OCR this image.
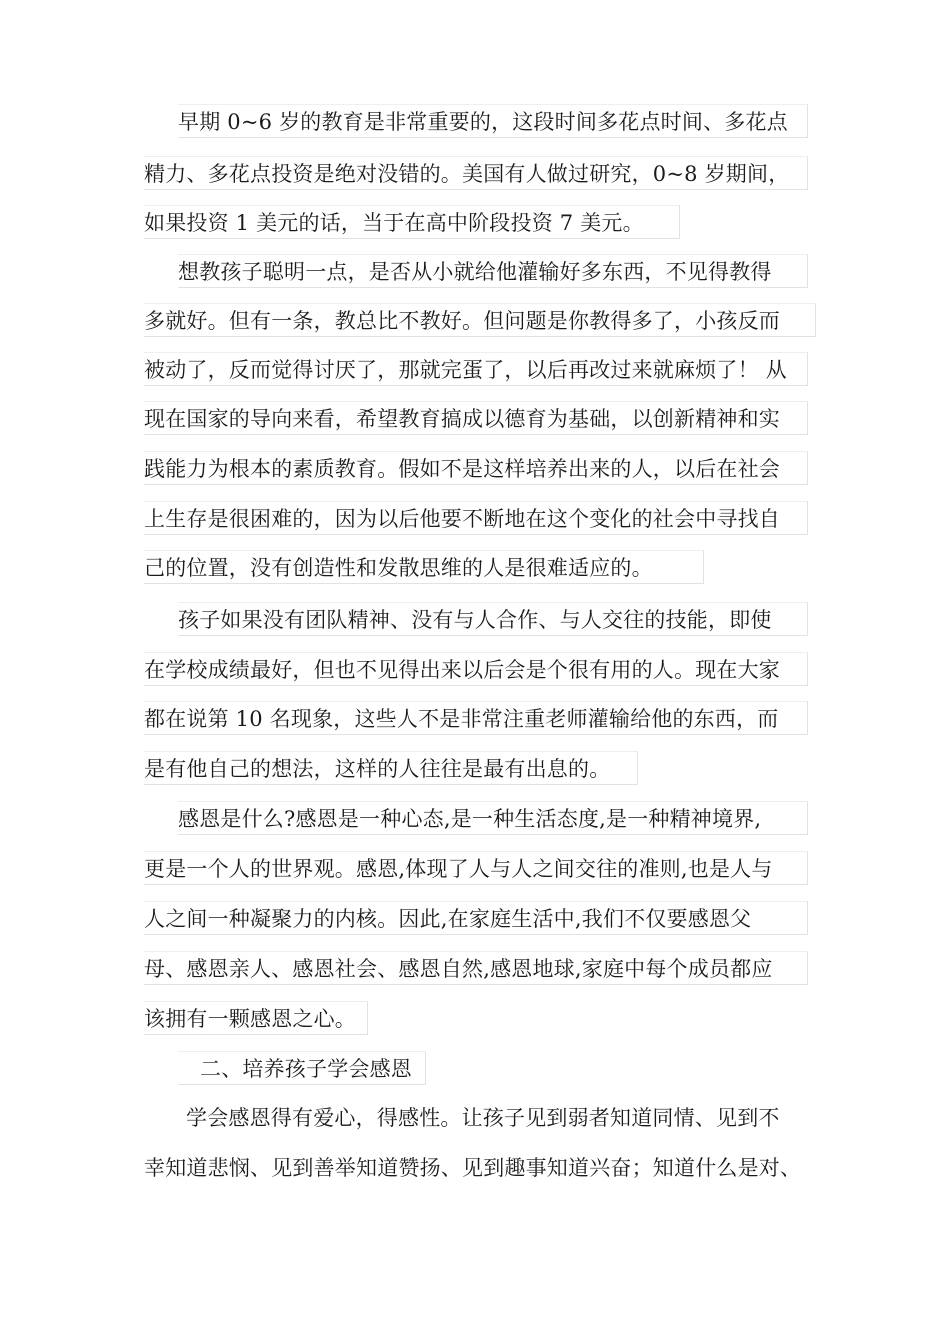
早期 0~6 岁的教育是非常重要的，这段时间多花点时间、多花点
精力、多花点投资是绝对没错的。美国有人做过研究，0~8 岁期间，
如果投资 1 美元的话，当于在高中阶段投资 7 美元。
想教孩子聪明一点，是否从小就给他灌输好多东西，不见得教得
多就好。但有一条，教总比不教好。但问题是你教得多了，小孩反而
被动了，反而觉得讨厌了，那就完蛋了，以后再改过来就麻烦了！ 从
现在国家的导向来看，希望教育搞成以德育为基础，以创新精神和实
践能力为根本的素质教育。假如不是这样培养出来的人，以后在社会
上生存是很困难的，因为以后他要不断地在这个变化的社会中寻找自
己的位置，没有创造性和发散思维的人是很难适应的。
孩子如果没有团队精神、没有与人合作、与人交往的技能，即使
在学校成绩最好，但也不见得出来以后会是个很有用的人。现在大家
都在说第 10 名现象，这些人不是非常注重老师灌输给他的东西，而
是有他自己的想法，这样的人往往是最有出息的。
感恩是什么?感恩是一种心态,是一种生活态度,是一种精神境界,
更是一个人的世界观。感恩,体现了人与人之间交往的准则,也是人与
人之间一种凝聚力的内核。因此,在家庭生活中,我们不仅要感恩父
母、感恩亲人、感恩社会、感恩自然,感恩地球,家庭中每个成员都应
该拥有一颗感恩之心。
二、培养孩子学会感恩
学会感恩得有爱心，得感性。让孩子见到弱者知道同情、见到不
幸知道悲悯、见到善举知道赞扬、见到趣事知道兴奋；知道什么是对、
